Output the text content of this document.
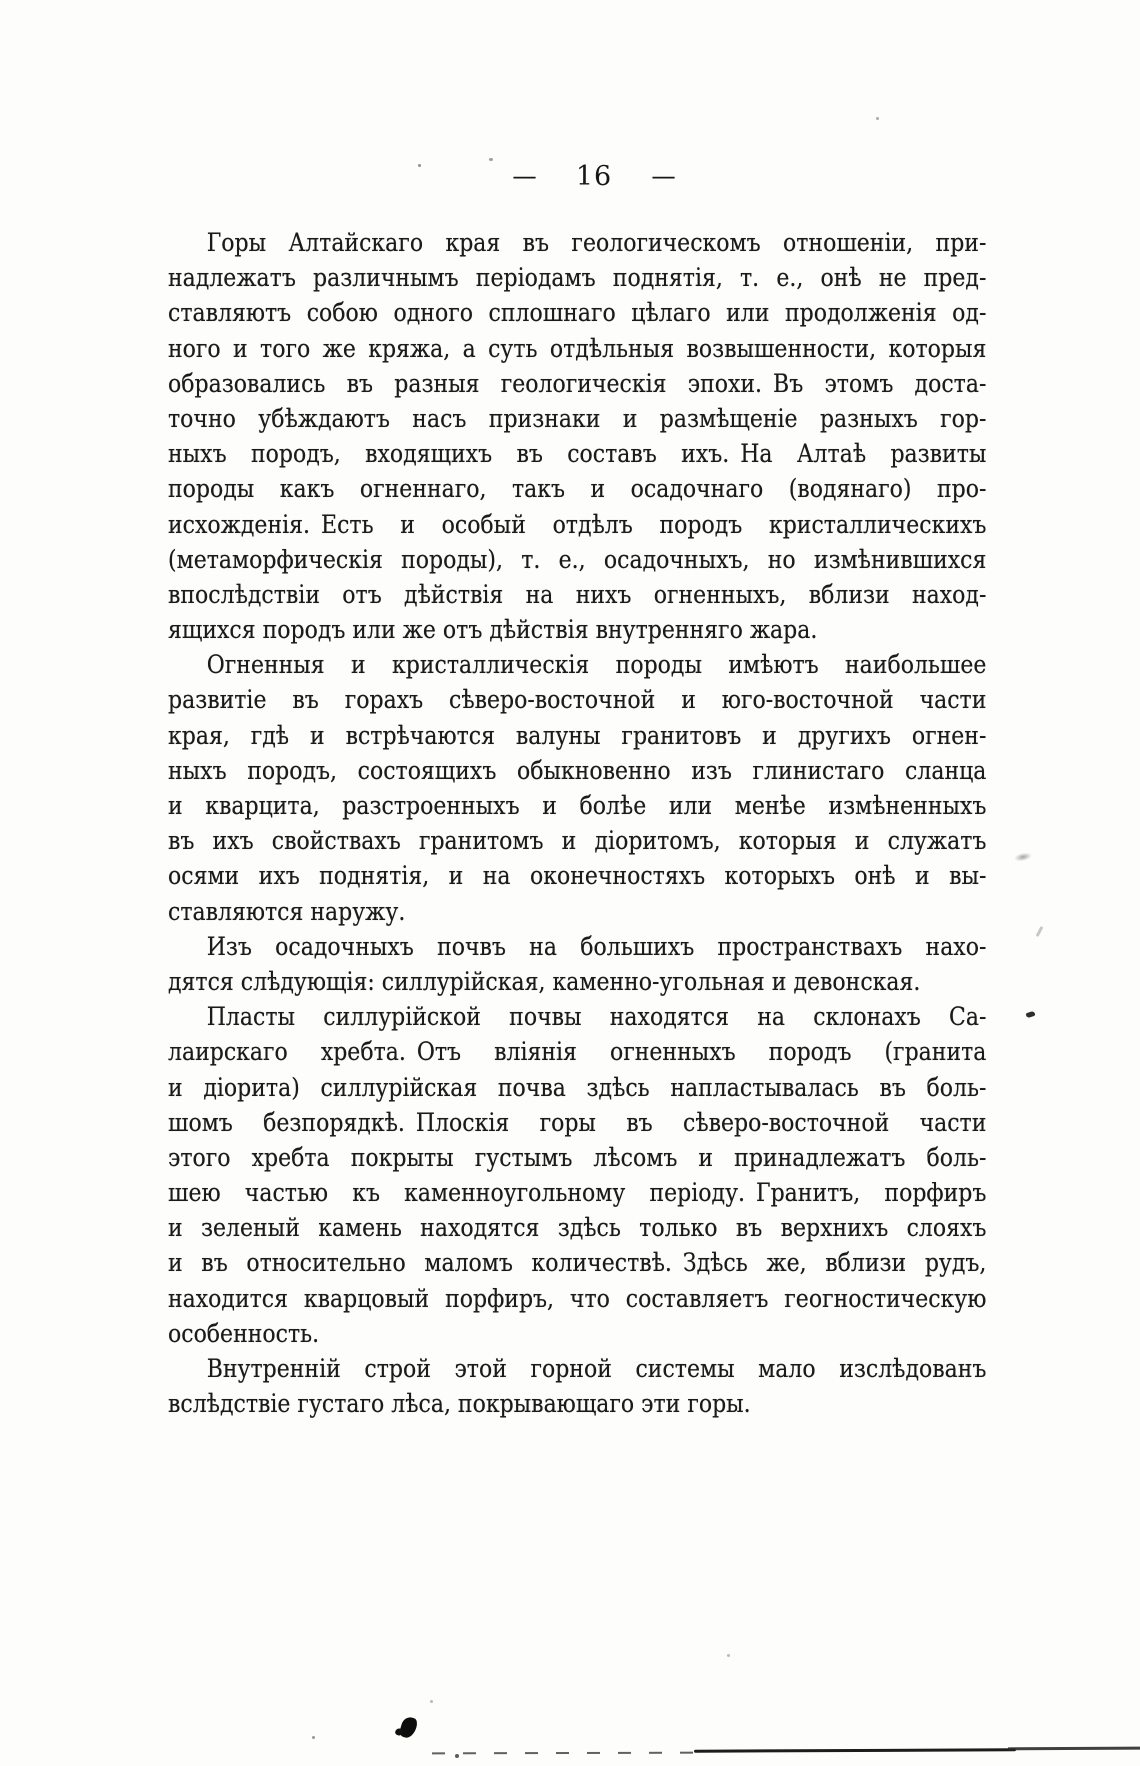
— 16 —
Горы Алтайскаго края въ геологическомъ отношеніи, при-
надлежатъ различнымъ періодамъ поднятія, т. е., онѣ не пред-
ставляютъ собою одного сплошнаго цѣлаго или продолженія од-
ного и того же кряжа, а суть отдѣльныя возвышенности, которыя
образовались въ разныя геологическія эпохи. Въ этомъ доста-
точно убѣждаютъ насъ признаки и размѣщеніе разныхъ гор-
ныхъ породъ, входящихъ въ составъ ихъ. На Алтаѣ развиты
породы какъ огненнаго, такъ и осадочнаго (водянаго) про-
исхожденія. Есть и особый отдѣлъ породъ кристаллическихъ
(метаморфическія породы), т. е., осадочныхъ, но измѣнившихся
впослѣдствіи отъ дѣйствія на нихъ огненныхъ, вблизи наход-
ящихся породъ или же отъ дѣйствія внутренняго жара.
Огненныя и кристаллическія породы имѣютъ наибольшее
развитіе въ горахъ сѣверо-восточной и юго-восточной части
края, гдѣ и встрѣчаются валуны гранитовъ и другихъ огнен-
ныхъ породъ, состоящихъ обыкновенно изъ глинистаго сланца
и кварцита, разстроенныхъ и болѣе или менѣе измѣненныхъ
въ ихъ свойствахъ гранитомъ и діоритомъ, которыя и служатъ
осями ихъ поднятія, и на оконечностяхъ которыхъ онѣ и вы-
ставляются наружу.
Изъ осадочныхъ почвъ на большихъ пространствахъ нахо-
дятся слѣдующія: силлурійская, каменно-угольная и девонская.
Пласты силлурійской почвы находятся на склонахъ Са-
лаирскаго хребта. Отъ вліянія огненныхъ породъ (гранита
и діорита) силлурійская почва здѣсь напластывалась въ боль-
шомъ безпорядкѣ. Плоскія горы въ сѣверо-восточной части
этого хребта покрыты густымъ лѣсомъ и принадлежатъ боль-
шею частью къ каменноугольному періоду. Гранитъ, порфиръ
и зеленый камень находятся здѣсь только въ верхнихъ слояхъ
и въ относительно маломъ количествѣ. Здѣсь же, вблизи рудъ,
находится кварцовый порфиръ, что составляетъ геогностическую
особенность.
Внутренній строй этой горной системы мало изслѣдованъ
вслѣдствіе густаго лѣса, покрывающаго эти горы.
